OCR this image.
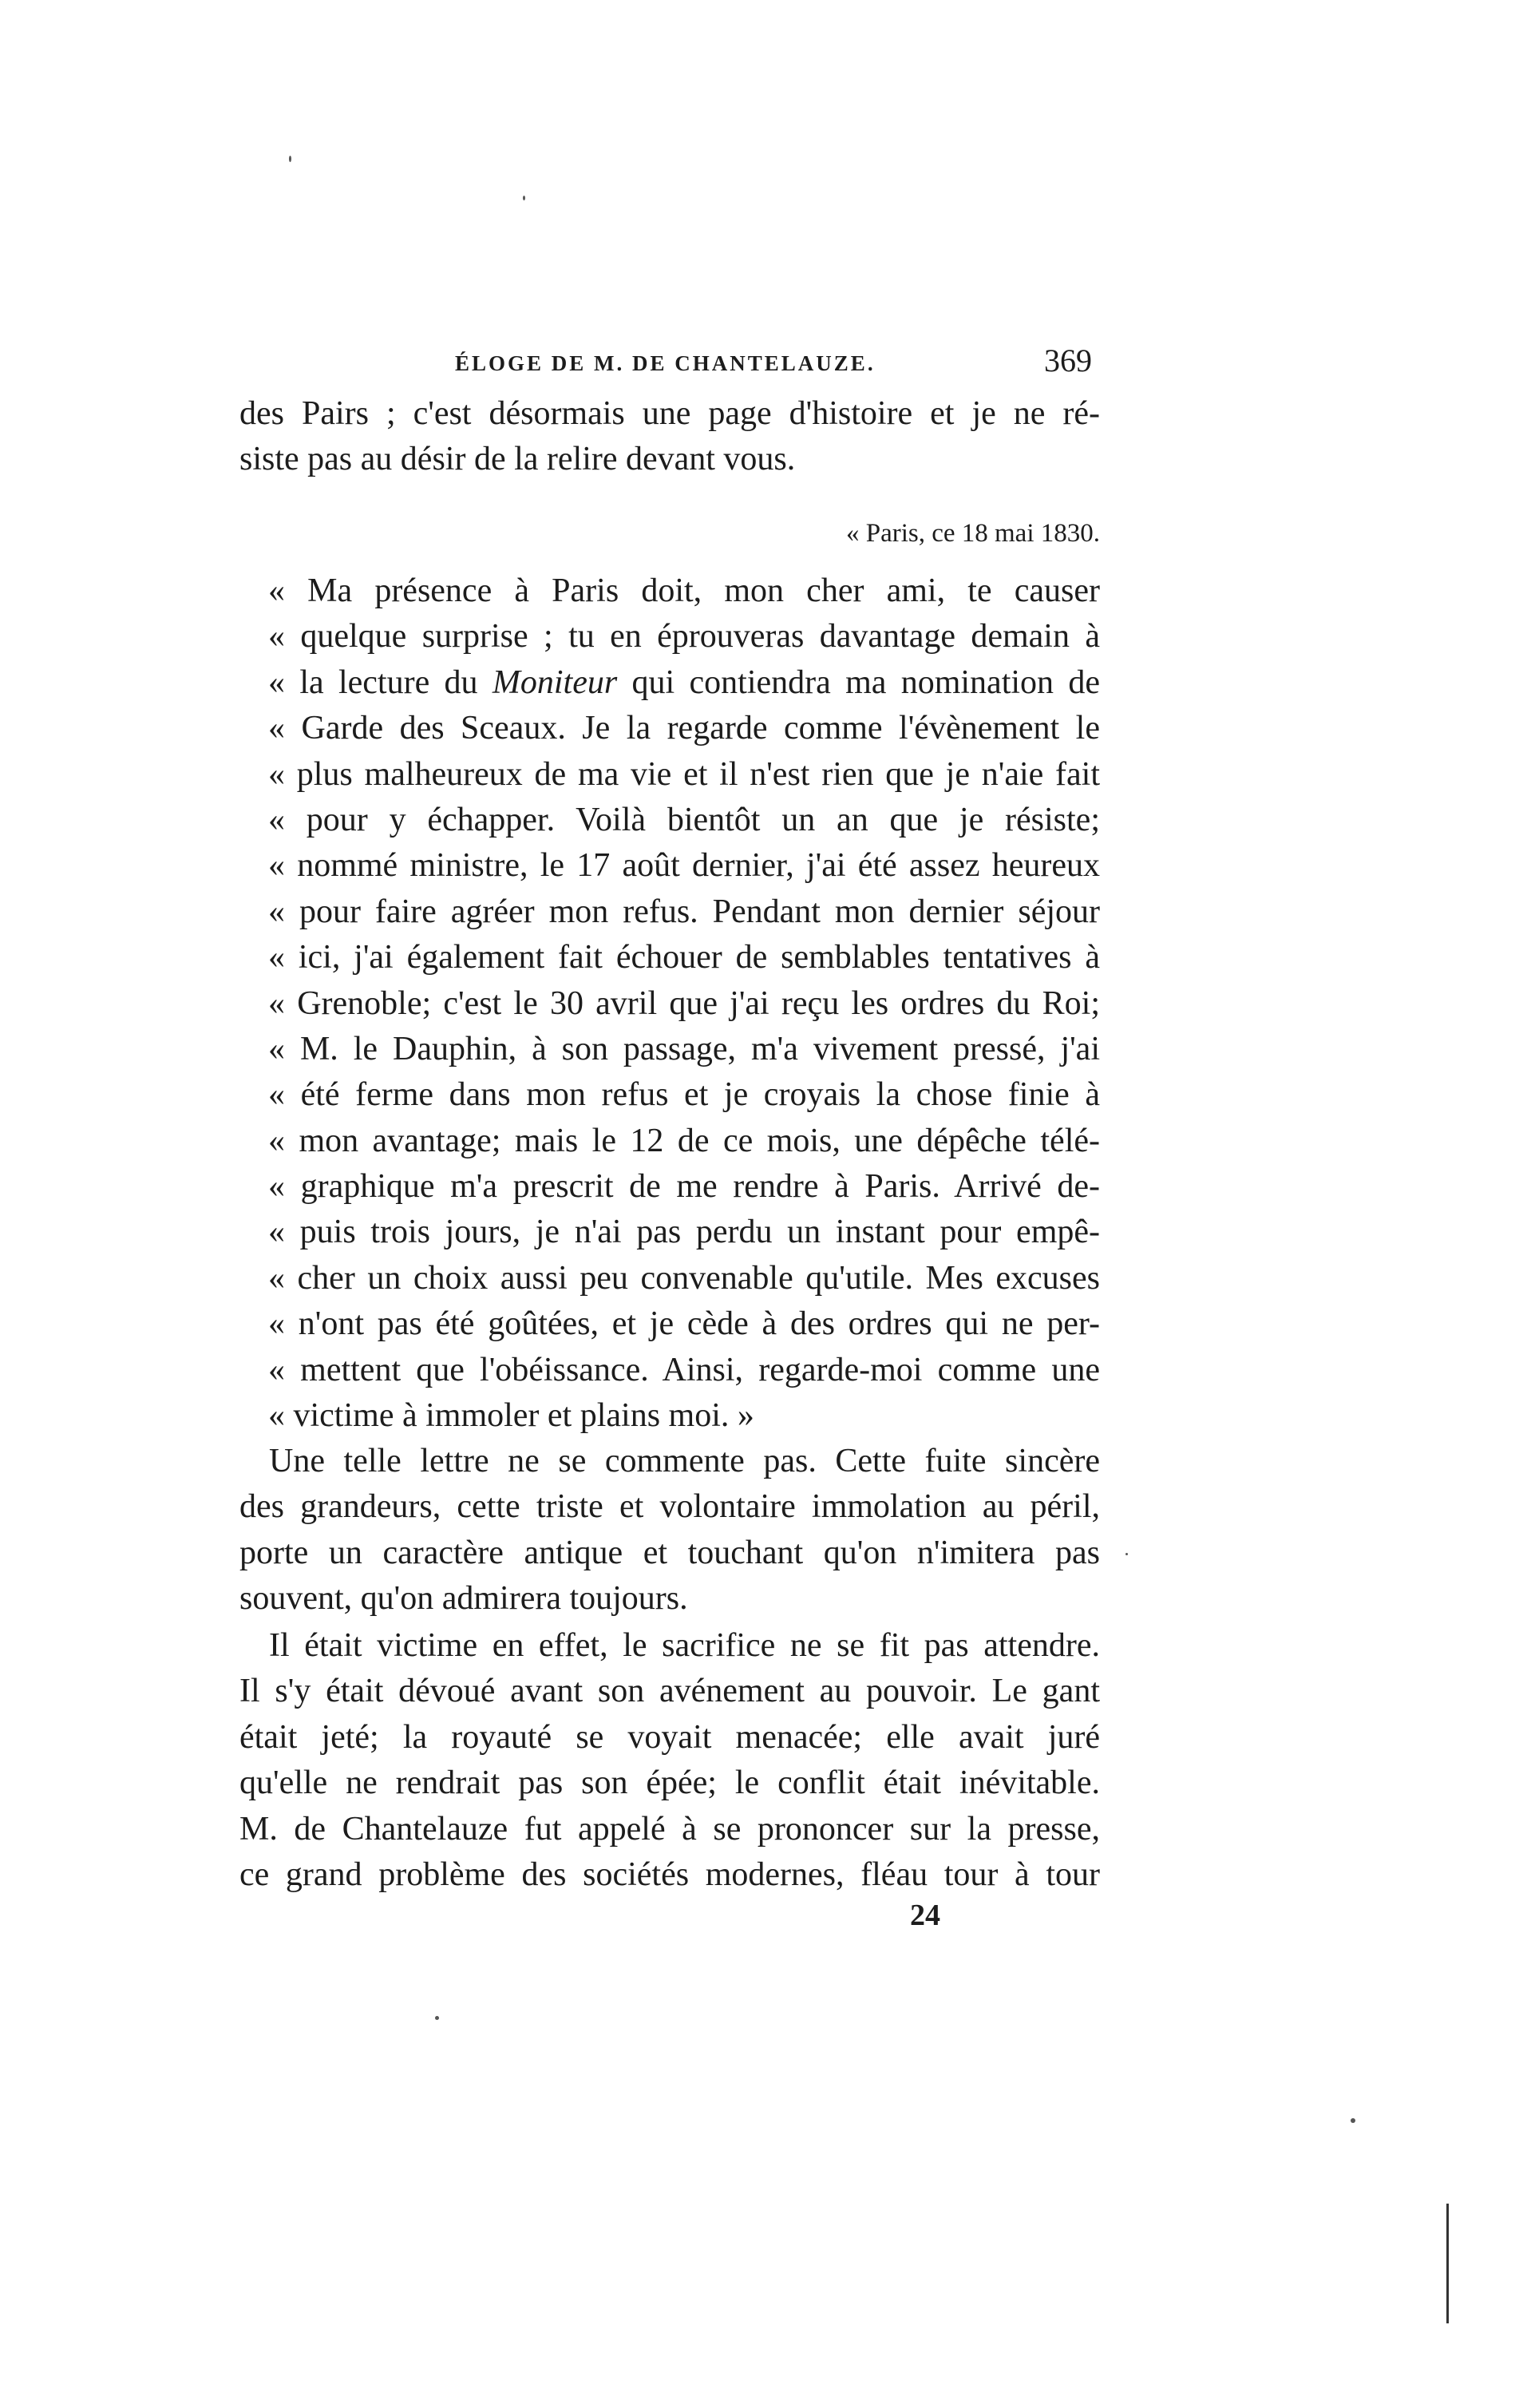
ÉLOGE DE M. DE CHANTELAUZE.	369
des Pairs ; c'est désormais une page d'histoire et je ne ré-
siste pas au désir de la relire devant vous.
« Paris, ce 18 mai 1830.
« Ma présence à Paris doit, mon cher ami, te causer
« quelque surprise ; tu en éprouveras davantage demain à
« la lecture du Moniteur qui contiendra ma nomination de
« Garde des Sceaux. Je la regarde comme l'évènement le
« plus malheureux de ma vie et il n'est rien que je n'aie fait
« pour y échapper. Voilà bientôt un an que je résiste;
« nommé ministre, le 17 août dernier, j'ai été assez heureux
« pour faire agréer mon refus. Pendant mon dernier séjour
« ici, j'ai également fait échouer de semblables tentatives à
« Grenoble; c'est le 30 avril que j'ai reçu les ordres du Roi;
« M. le Dauphin, à son passage, m'a vivement pressé, j'ai
« été ferme dans mon refus et je croyais la chose finie à
« mon avantage; mais le 12 de ce mois, une dépêche télé-
« graphique m'a prescrit de me rendre à Paris. Arrivé de-
« puis trois jours, je n'ai pas perdu un instant pour empê-
« cher un choix aussi peu convenable qu'utile. Mes excuses
« n'ont pas été goûtées, et je cède à des ordres qui ne per-
« mettent que l'obéissance. Ainsi, regarde-moi comme une
« victime à immoler et plains moi. »
Une telle lettre ne se commente pas. Cette fuite sincère
des grandeurs, cette triste et volontaire immolation au péril,
porte un caractère antique et touchant qu'on n'imitera pas
souvent, qu'on admirera toujours.
Il était victime en effet, le sacrifice ne se fit pas attendre.
Il s'y était dévoué avant son avénement au pouvoir. Le gant
était jeté; la royauté se voyait menacée; elle avait juré
qu'elle ne rendrait pas son épée; le conflit était inévitable.
M. de Chantelauze fut appelé à se prononcer sur la presse,
ce grand problème des sociétés modernes, fléau tour à tour
24
